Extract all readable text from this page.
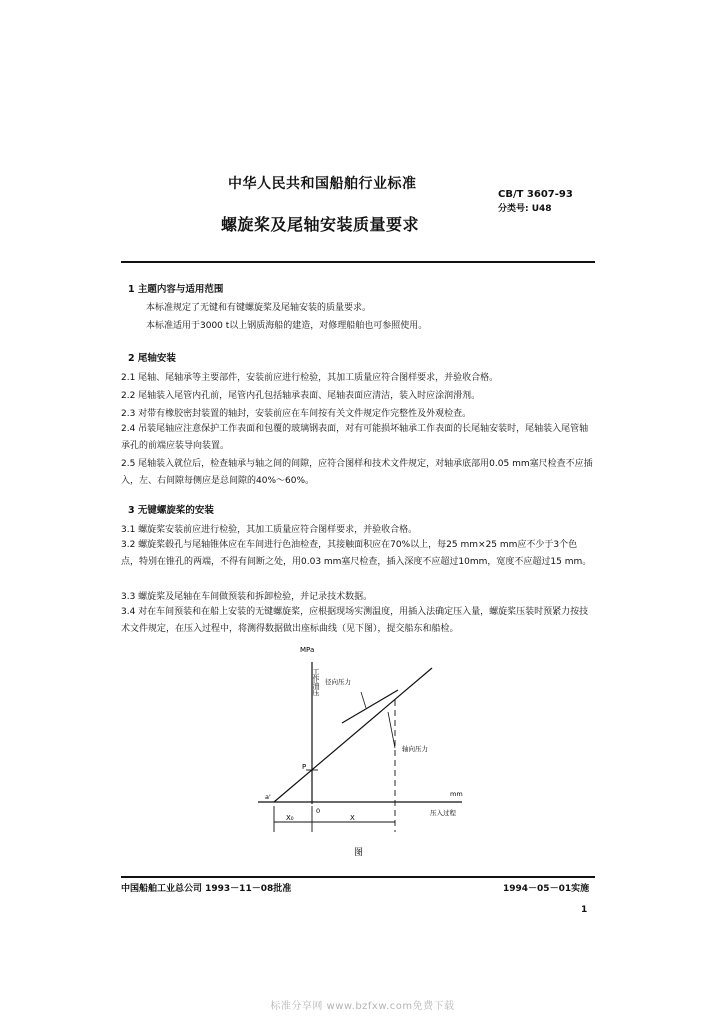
中华人民共和国船舶行业标准
CB/T 3607-93
分类号: U48
螺旋桨及尾轴安装质量要求
1 主题内容与适用范围
本标准规定了无键和有键螺旋桨及尾轴安装的质量要求。
本标准适用于3000 t以上钢质海船的建造，对修理船舶也可参照使用。
2 尾轴安装
2.1 尾轴、尾轴承等主要部件，安装前应进行检验，其加工质量应符合图样要求，并验收合格。
2.2 尾轴装入尾管内孔前，尾管内孔包括轴承表面、尾轴表面应清洁，装入时应涂润滑剂。
2.3 对带有橡胶密封装置的轴封，安装前应在车间按有关文件规定作完整性及外观检查。
2.4 吊装尾轴应注意保护工作表面和包覆的玻璃钢表面，对有可能损坏轴承工作表面的长尾轴安装时，尾轴装入尾管轴承孔的前端应装导向装置。
2.5 尾轴装入就位后，检查轴承与轴之间的间隙，应符合图样和技术文件规定，对轴承底部用0.05 mm塞尺检查不应插入，左、右间隙每侧应是总间隙的40%～60%。
3 无键螺旋桨的安装
3.1 螺旋桨安装前应进行检验，其加工质量应符合图样要求，并验收合格。
3.2 螺旋桨毂孔与尾轴锥体应在车间进行色油检查，其接触面积应在70%以上，每25 mm×25 mm应不少于3个色点，特别在锥孔的两端，不得有间断之处，用0.03 mm塞尺检查，插入深度不应超过10mm，宽度不应超过15 mm。
3.3 螺旋桨及尾轴在车间做预装和拆卸检验，并记录技术数据。
3.4 对在车间预装和在船上安装的无键螺旋桨，应根据现场实测温度，用插入法确定压入量，螺旋桨压装时预紧力按技术文件规定，在压入过程中，将测得数据做出座标曲线（见下图），提交船东和船检。
MPa
工作油压
P
径向压力
轴向压力
mm
压入过程
a'
0
X₀	X
图
中国船舶工业总公司 1993－11－08批准	1994－05－01实施
1
标准分享网 www.bzfxw.com免费下载
